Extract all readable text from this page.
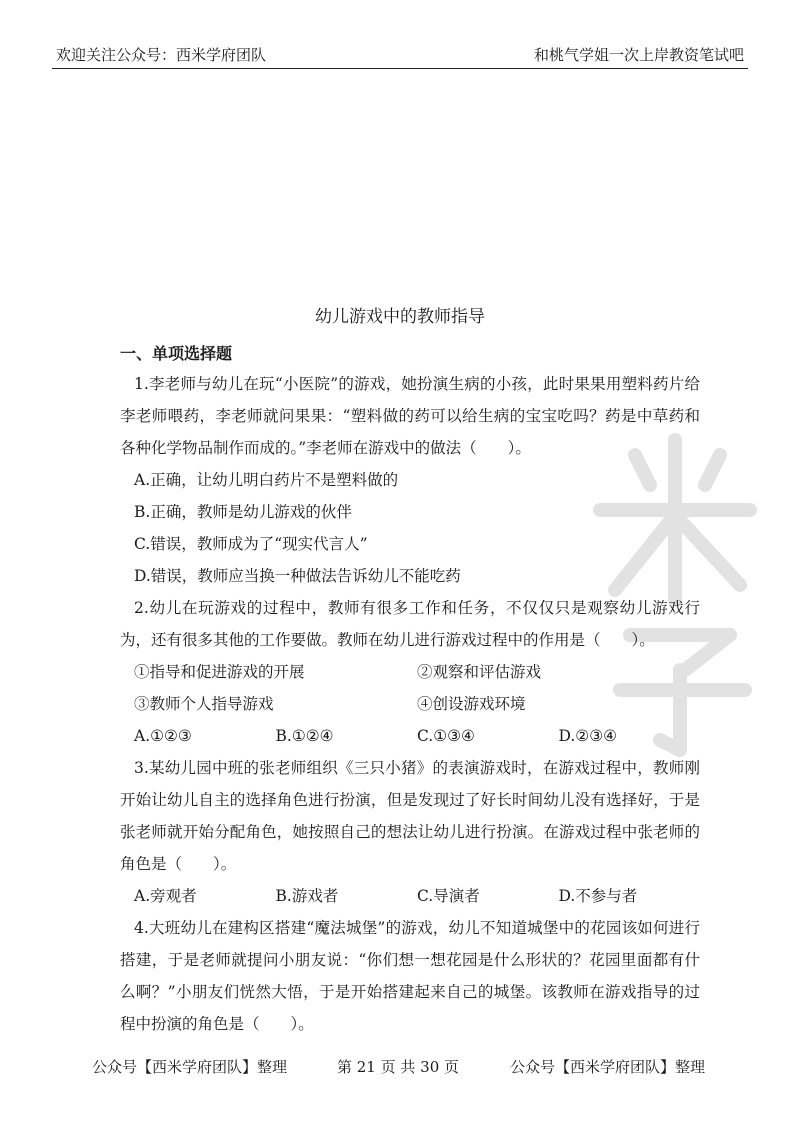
欢迎关注公众号：西米学府团队	和桃气学姐一次上岸教资笔试吧
幼儿游戏中的教师指导
一、单项选择题

1.李老师与幼儿在玩“小医院”的游戏，她扮演生病的小孩，此时果果用塑料药片给李老师喂药，李老师就问果果：“塑料做的药可以给生病的宝宝吃吗？药是中草药和各种化学物品制作而成的。”李老师在游戏中的做法（　　）。

A.正确，让幼儿明白药片不是塑料做的

B.正确，教师是幼儿游戏的伙伴

C.错误，教师成为了“现实代言人”

D.错误，教师应当换一种做法告诉幼儿不能吃药

2.幼儿在玩游戏的过程中，教师有很多工作和任务，不仅仅只是观察幼儿游戏行为，还有很多其他的工作要做。教师在幼儿进行游戏过程中的作用是（　　）。

①指导和促进游戏的开展	②观察和评估游戏
③教师个人指导游戏	④创设游戏环境
A.①②③	B.①②④	C.①③④	D.②③④

3.某幼儿园中班的张老师组织《三只小猪》的表演游戏时，在游戏过程中，教师刚开始让幼儿自主的选择角色进行扮演，但是发现过了好长时间幼儿没有选择好，于是张老师就开始分配角色，她按照自己的想法让幼儿进行扮演。在游戏过程中张老师的角色是（　　）。

A.旁观者	B.游戏者	C.导演者	D.不参与者

4.大班幼儿在建构区搭建“魔法城堡”的游戏，幼儿不知道城堡中的花园该如何进行搭建，于是老师就提问小朋友说：“你们想一想花园是什么形状的？花园里面都有什么啊？”小朋友们恍然大悟，于是开始搭建起来自己的城堡。该教师在游戏指导的过程中扮演的角色是（　　）。

公众号【西米学府团队】整理	第 21 页 共 30 页	公众号【西米学府团队】整理
